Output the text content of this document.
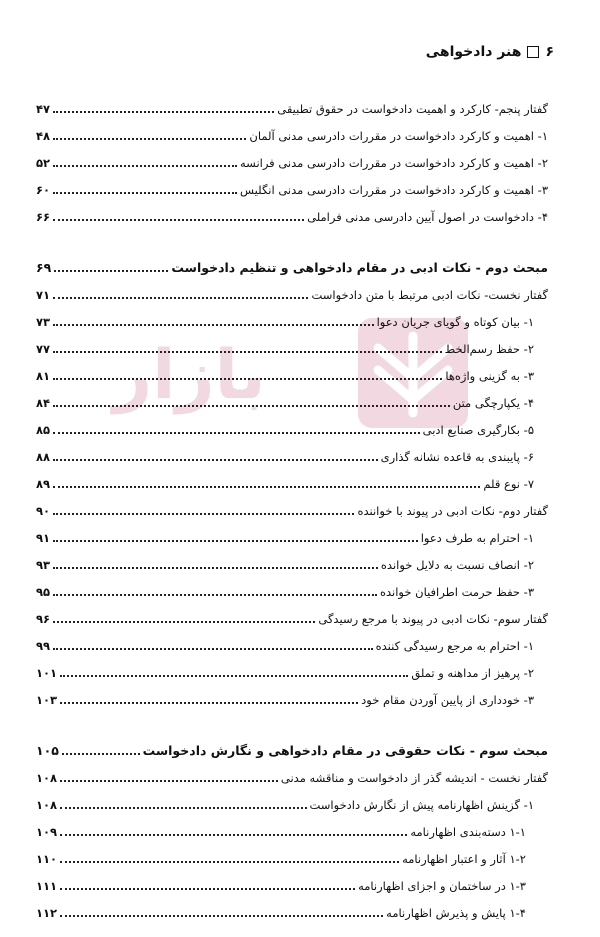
۶
هنر دادخواهی
بازار
گفتار پنجم- کارکرد و اهمیت دادخواست در حقوق تطبیقی
۴۷
۱- اهمیت و کارکرد دادخواست در مقررات دادرسی مدنی آلمان
۴۸
۲- اهمیت و کارکرد دادخواست در مقررات دادرسی مدنی فرانسه
۵۲
۳- اهمیت و کارکرد دادخواست در مقررات دادرسی مدنی انگلیس
۶۰
۴- دادخواست در اصول آیین دادرسی مدنی فراملی
۶۶
مبحث دوم - نکات ادبی در مقام دادخواهی و تنظیم دادخواست
۶۹
گفتار نخست- نکات ادبی مرتبط با متن دادخواست
۷۱
۱- بیان کوتاه و گویای جریان دعوا
۷۳
۲- حفظ رسم‌الخط
۷۷
۳- به گزینی واژه‌ها
۸۱
۴- یکپارچگی متن
۸۴
۵- بکارگیری صنایع ادبی
۸۵
۶- پایبندی به قاعده نشانه گذاری
۸۸
۷- نوع قلم
۸۹
گفتار دوم- نکات ادبی در پیوند با خواننده
۹۰
۱- احترام به طرف دعوا
۹۱
۲- انصاف نسبت به دلایل خوانده
۹۳
۳- حفظ حرمت اطرافیان خوانده
۹۵
گفتار سوم- نکات ادبی در پیوند با مرجع رسیدگی
۹۶
۱- احترام به مرجع رسیدگی کننده
۹۹
۲- پرهیز از مداهنه و تملق
۱۰۱
۳- خودداری از پایین آوردن مقام خود
۱۰۳
مبحث سوم - نکات حقوقی در مقام دادخواهی و نگارش دادخواست
۱۰۵
گفتار نخست - اندیشه گذر از دادخواست و مناقشه مدنی
۱۰۸
۱- گزینش اظهارنامه پیش از نگارش دادخواست
۱۰۸
۱-۱ دسته‌بندی اظهارنامه
۱۰۹
۱-۲ آثار و اعتبار اظهارنامه
۱۱۰
۱-۳ در ساختمان و اجزای اظهارنامه
۱۱۱
۱-۴ پایش و پذیرش اظهارنامه
۱۱۲
